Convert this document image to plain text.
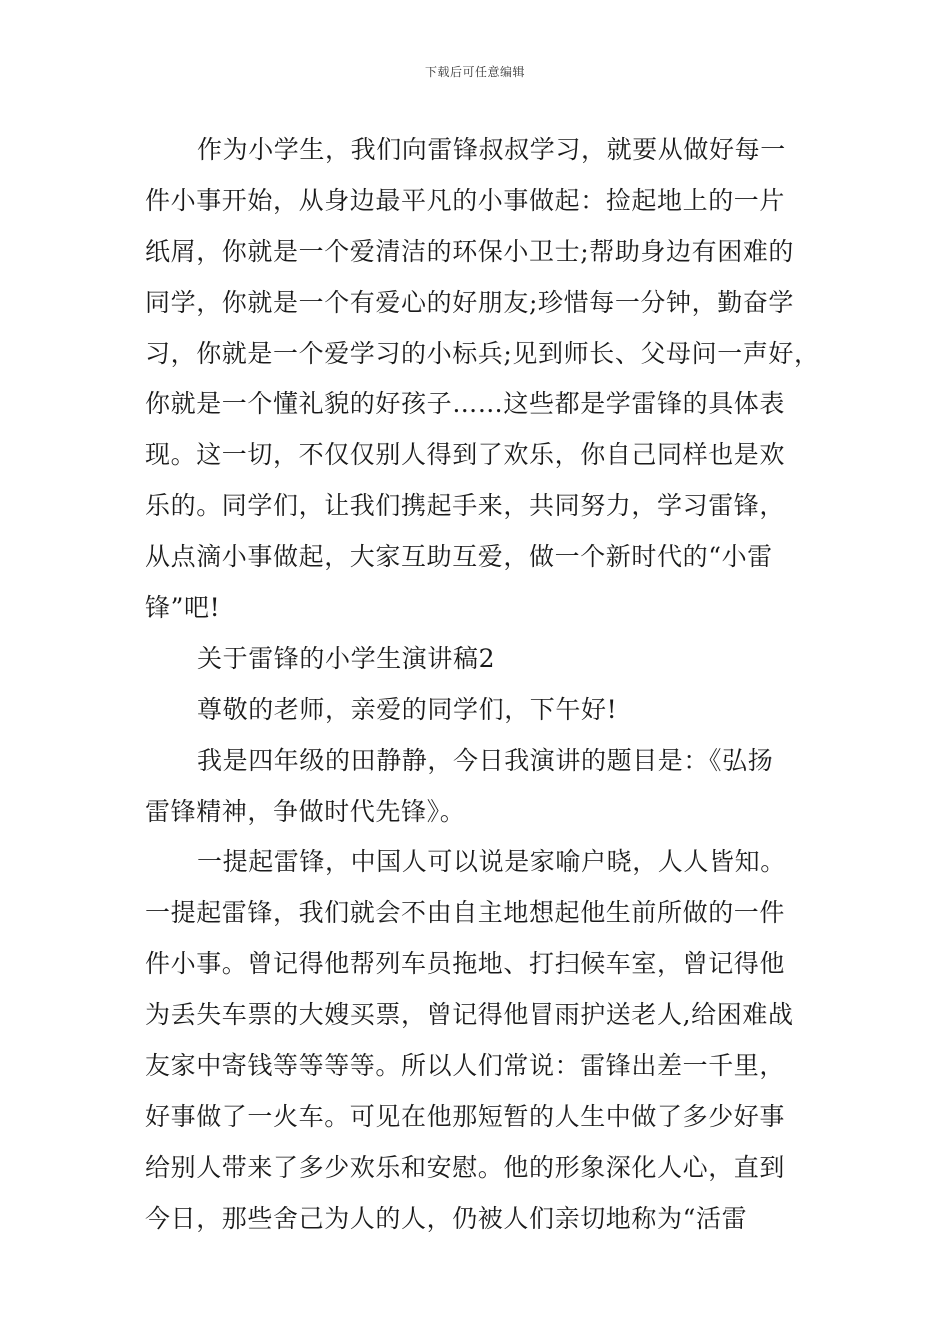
下载后可任意编辑
作为小学生，我们向雷锋叔叔学习，就要从做好每一
件小事开始，从身边最平凡的小事做起：捡起地上的一片
纸屑，你就是一个爱清洁的环保小卫士;帮助身边有困难的
同学，你就是一个有爱心的好朋友;珍惜每一分钟，勤奋学
习，你就是一个爱学习的小标兵;见到师长、父母问一声好，
你就是一个懂礼貌的好孩子……这些都是学雷锋的具体表
现。这一切，不仅仅别人得到了欢乐，你自己同样也是欢
乐的。同学们，让我们携起手来，共同努力，学习雷锋，
从点滴小事做起，大家互助互爱，做一个新时代的“小雷
锋”吧!
关于雷锋的小学生演讲稿2
尊敬的老师，亲爱的同学们，下午好!
我是四年级的田静静，今日我演讲的题目是：《弘扬
雷锋精神，争做时代先锋》。
一提起雷锋，中国人可以说是家喻户晓，人人皆知。
一提起雷锋，我们就会不由自主地想起他生前所做的一件
件小事。曾记得他帮列车员拖地、打扫候车室，曾记得他
为丢失车票的大嫂买票，曾记得他冒雨护送老人,给困难战
友家中寄钱等等等等。所以人们常说：雷锋出差一千里，
好事做了一火车。可见在他那短暂的人生中做了多少好事
给别人带来了多少欢乐和安慰。他的形象深化人心，直到
今日，那些舍己为人的人，仍被人们亲切地称为“活雷
